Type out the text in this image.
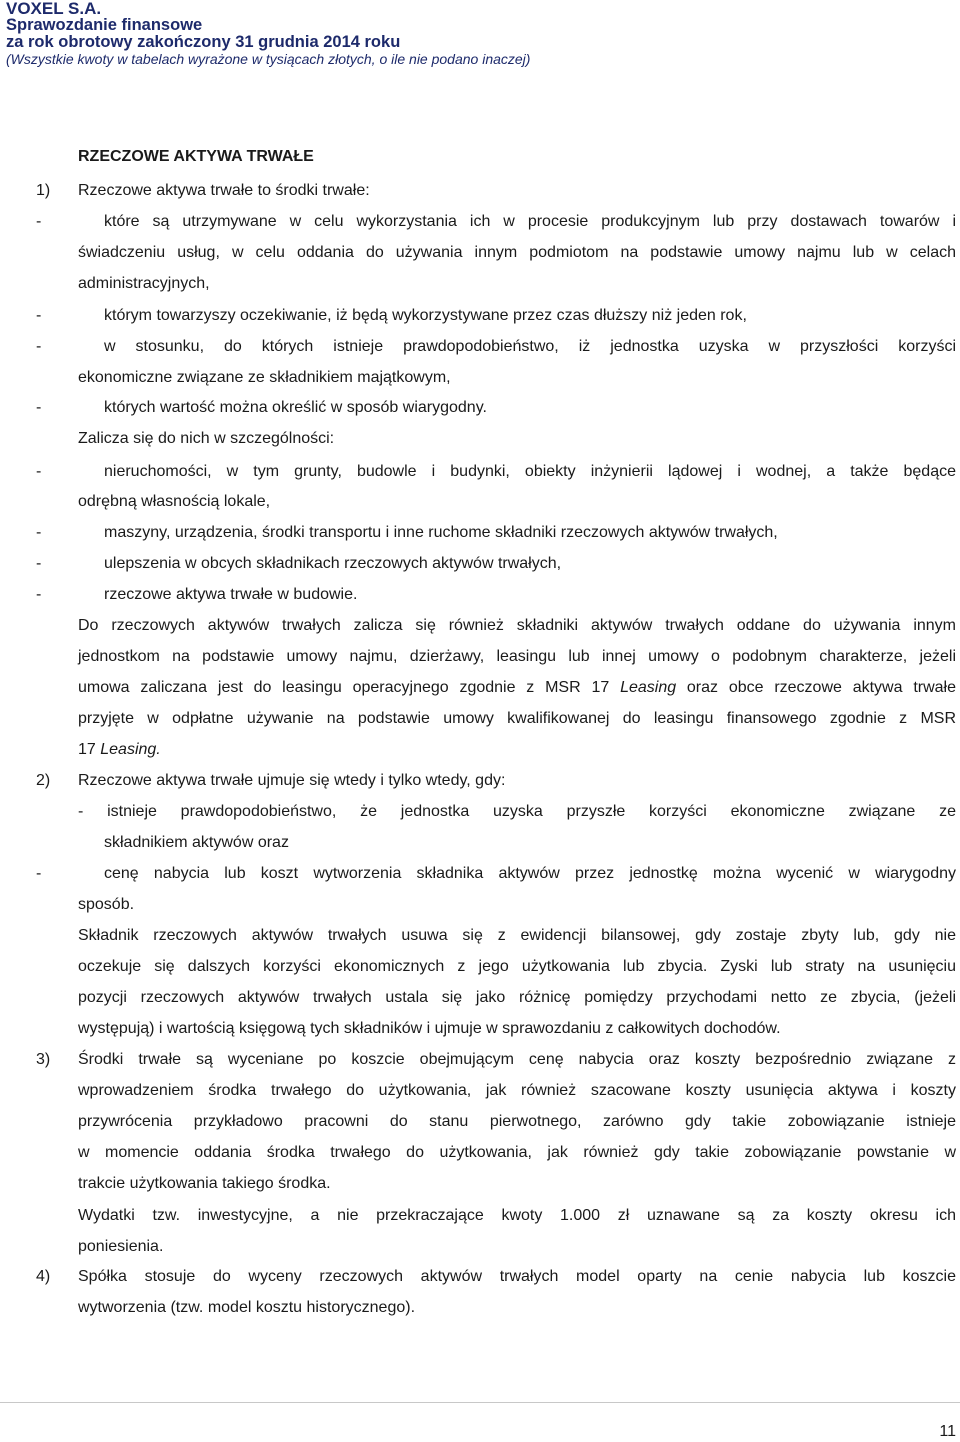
VOXEL S.A.
Sprawozdanie finansowe
za rok obrotowy zakończony 31 grudnia 2014 roku
(Wszystkie kwoty w tabelach wyrażone w tysiącach złotych, o ile nie podano inaczej)
RZECZOWE AKTYWA TRWAŁE
1) Rzeczowe aktywa trwałe to środki trwałe:
-	które są utrzymywane w celu wykorzystania ich w procesie produkcyjnym lub przy dostawach towarów i
świadczeniu usług, w celu oddania do używania innym podmiotom na podstawie umowy najmu lub w celach
administracyjnych,
-	którym towarzyszy oczekiwanie, iż będą wykorzystywane przez czas dłuższy niż jeden rok,
-	w stosunku, do których istnieje prawdopodobieństwo, iż jednostka uzyska w przyszłości korzyści
ekonomiczne związane ze składnikiem majątkowym,
-	których wartość można określić w sposób wiarygodny.
Zalicza się do nich w szczególności:
-	nieruchomości, w tym grunty, budowle i budynki, obiekty inżynierii lądowej i wodnej, a także będące
odrębną własnością lokale,
-	maszyny, urządzenia, środki transportu i inne ruchome składniki rzeczowych aktywów trwałych,
-	ulepszenia w obcych składnikach rzeczowych aktywów trwałych,
-	rzeczowe aktywa trwałe w budowie.
Do rzeczowych aktywów trwałych zalicza się również składniki aktywów trwałych oddane do używania innym
jednostkom na podstawie umowy najmu, dzierżawy, leasingu lub innej umowy o podobnym charakterze, jeżeli
umowa zaliczana jest do leasingu operacyjnego zgodnie z MSR 17 Leasing oraz obce rzeczowe aktywa trwałe
przyjęte w odpłatne używanie na podstawie umowy kwalifikowanej do leasingu finansowego zgodnie z MSR
17 Leasing.
2) Rzeczowe aktywa trwałe ujmuje się wtedy i tylko wtedy, gdy:
- istnieje prawdopodobieństwo, że jednostka uzyska przyszłe korzyści ekonomiczne związane ze
składnikiem aktywów oraz
-	cenę nabycia lub koszt wytworzenia składnika aktywów przez jednostkę można wycenić w wiarygodny
sposób.
Składnik rzeczowych aktywów trwałych usuwa się z ewidencji bilansowej, gdy zostaje zbyty lub, gdy nie
oczekuje się dalszych korzyści ekonomicznych z jego użytkowania lub zbycia. Zyski lub straty na usunięciu
pozycji rzeczowych aktywów trwałych ustala się jako różnicę pomiędzy przychodami netto ze zbycia, (jeżeli
występują) i wartością księgową tych składników i ujmuje w sprawozdaniu z całkowitych dochodów.
3) Środki trwałe są wyceniane po koszcie obejmującym cenę nabycia oraz koszty bezpośrednio związane z
wprowadzeniem środka trwałego do użytkowania, jak również szacowane koszty usunięcia aktywa i koszty
przywrócenia przykładowo pracowni do stanu pierwotnego, zarówno gdy takie zobowiązanie istnieje
w momencie oddania środka trwałego do użytkowania, jak również gdy takie zobowiązanie powstanie w
trakcie użytkowania takiego środka.
Wydatki tzw. inwestycyjne, a nie przekraczające kwoty 1.000 zł uznawane są za koszty okresu ich
poniesienia.
4) Spółka stosuje do wyceny rzeczowych aktywów trwałych model oparty na cenie nabycia lub koszcie
wytworzenia (tzw. model kosztu historycznego).
11
